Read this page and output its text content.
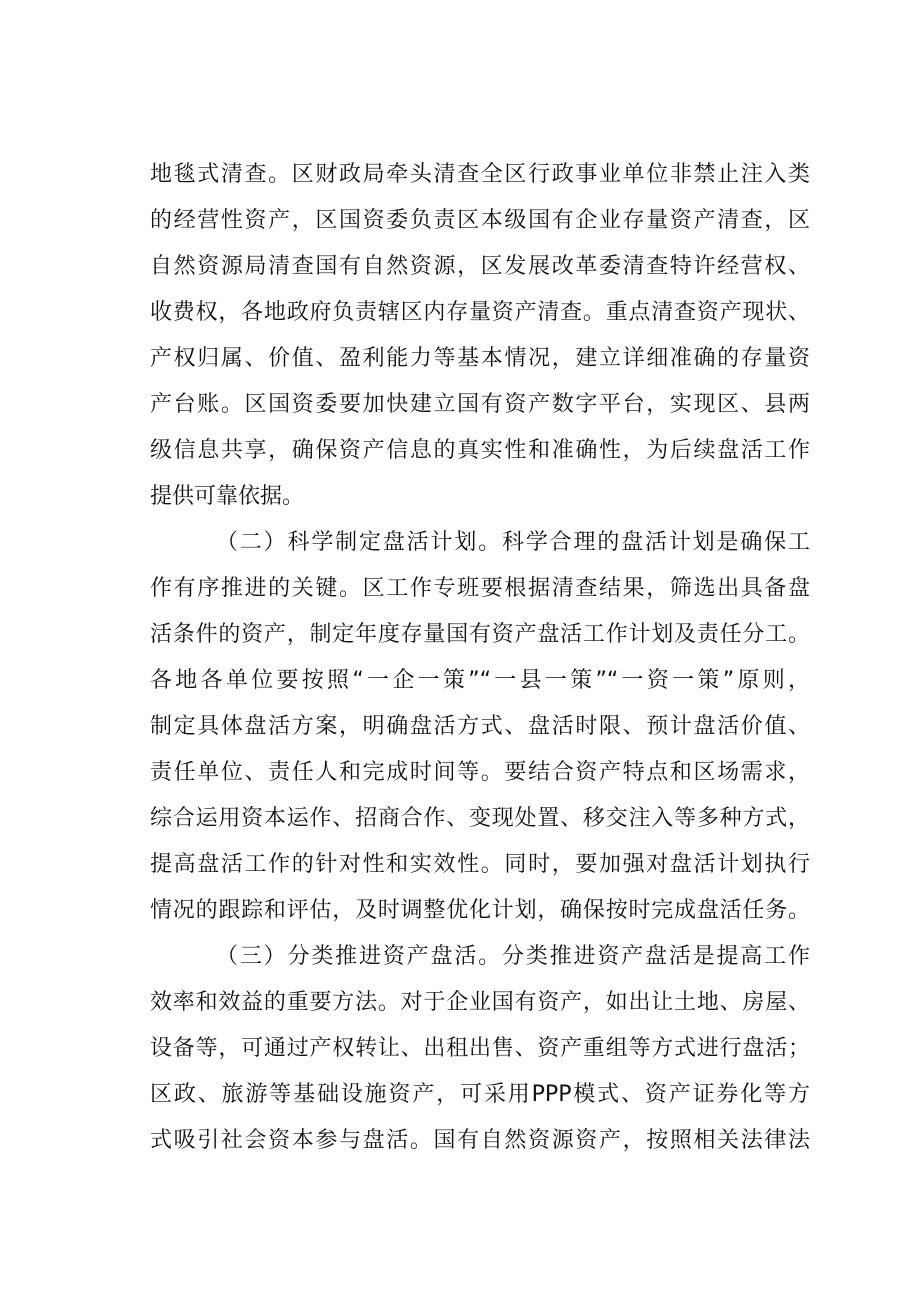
地毯式清查。区财政局牵头清查全区行政事业单位非禁止注入类

的经营性资产，区国资委负责区本级国有企业存量资产清查，区

自然资源局清查国有自然资源，区发展改革委清查特许经营权、

收费权，各地政府负责辖区内存量资产清查。重点清查资产现状、

产权归属、价值、盈利能力等基本情况，建立详细准确的存量资

产台账。区国资委要加快建立国有资产数字平台，实现区、县两

级信息共享，确保资产信息的真实性和准确性，为后续盘活工作

提供可靠依据。

（二）科学制定盘活计划。科学合理的盘活计划是确保工

作有序推进的关键。区工作专班要根据清查结果，筛选出具备盘

活条件的资产，制定年度存量国有资产盘活工作计划及责任分工。

各地各单位要按照“一企一策”“一县一策”“一资一策”原则，

制定具体盘活方案，明确盘活方式、盘活时限、预计盘活价值、

责任单位、责任人和完成时间等。要结合资产特点和区场需求，

综合运用资本运作、招商合作、变现处置、移交注入等多种方式，

提高盘活工作的针对性和实效性。同时，要加强对盘活计划执行

情况的跟踪和评估，及时调整优化计划，确保按时完成盘活任务。

（三）分类推进资产盘活。分类推进资产盘活是提高工作

效率和效益的重要方法。对于企业国有资产，如出让土地、房屋、

设备等，可通过产权转让、出租出售、资产重组等方式进行盘活；

区政、旅游等基础设施资产，可采用PPP模式、资产证券化等方

式吸引社会资本参与盘活。国有自然资源资产，按照相关法律法
